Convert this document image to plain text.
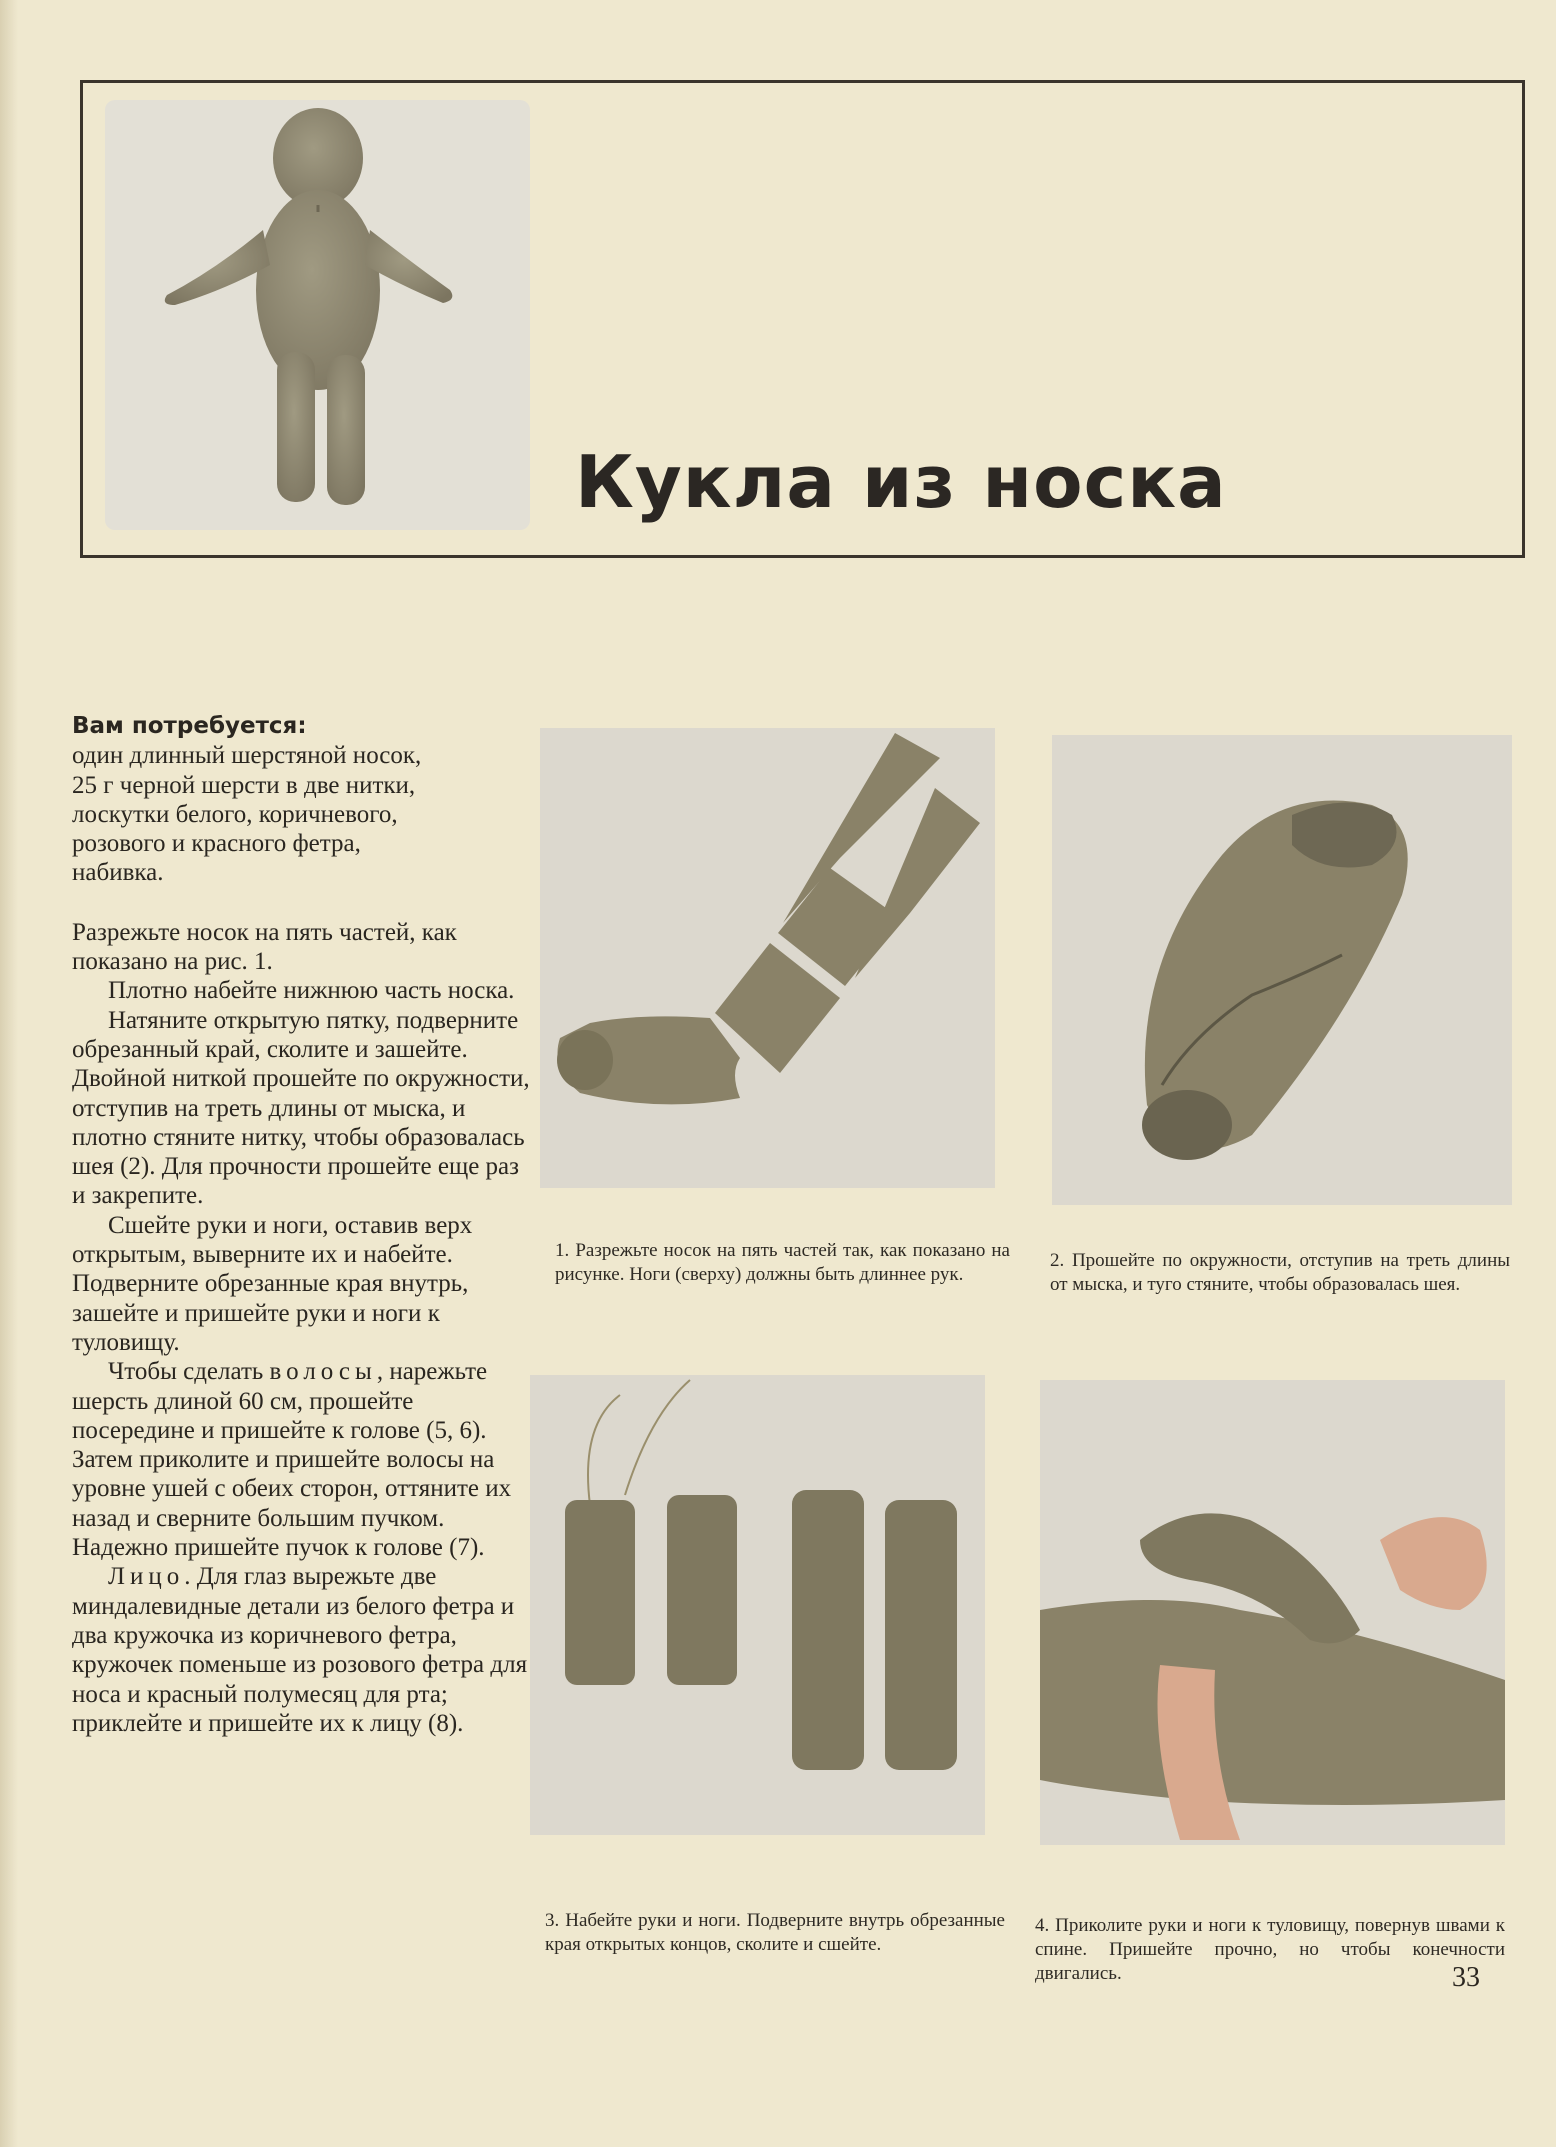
Кукла из носка

Вам потребуется:

один длинный шерстяной носок,

25 г черной шерсти в две нитки,

лоскутки белого, коричневого,

розового и красного фетра,

набивка.

Разрежьте носок на пять частей, как показано на рис. 1.

Плотно набейте нижнюю часть носка.

Натяните открытую пятку, подверните обрезанный край, сколите и зашейте. Двойной ниткой прошейте по окружности, отступив на треть длины от мыска, и плотно стяните нитку, чтобы образовалась шея (2). Для прочности прошейте еще раз и закрепите.

Сшейте руки и ноги, оставив верх открытым, выверните их и набейте. Подверните обрезанные края внутрь, зашейте и пришейте руки и ноги к туловищу.

Чтобы сделать волосы, нарежьте шерсть длиной 60 см, прошейте посередине и пришейте к голове (5, 6). Затем приколите и пришейте волосы на уровне ушей с обеих сторон, оттяните их назад и сверните большим пучком. Надежно пришейте пучок к голове (7).

Лицо. Для глаз вырежьте две миндалевидные детали из белого фетра и два кружочка из коричневого фетра, кружочек поменьше из розового фетра для носа и красный полумесяц для рта; приклейте и пришейте их к лицу (8).

1. Разрежьте носок на пять частей так, как показано на рисунке. Ноги (сверху) должны быть длиннее рук.

2. Прошейте по окружности, отступив на треть длины от мыска, и туго стяните, чтобы образовалась шея.

3. Набейте руки и ноги. Подверните внутрь обрезанные края открытых концов, сколите и сшейте.

4. Приколите руки и ноги к туловищу, повернув швами к спине. Пришейте прочно, но чтобы конечности двигались.	33
